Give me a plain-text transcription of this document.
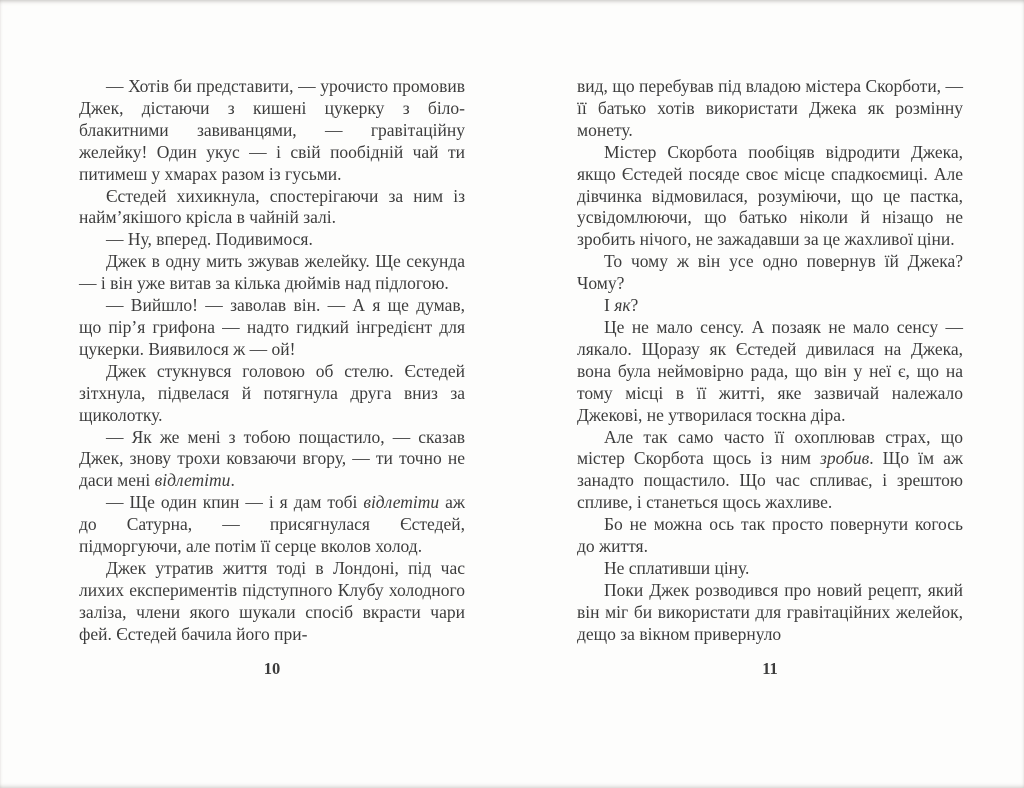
— Хотів би представити, — урочисто промовив Джек, дістаючи з кишені цукерку з біло-блакитними завиванцями, — гравітаційну желейку! Один укус — і свій пообідній чай ти питимеш у хмарах разом із гусьми.

Єстедей хихикнула, спостерігаючи за ним із найм’якішого крісла в чайній залі.

— Ну, вперед. Подивимося.

Джек в одну мить зжував желейку. Ще секунда — і він уже витав за кілька дюймів над підлогою.

— Вийшло! — заволав він. — А я ще думав, що пір’я грифона — надто гидкий інгредієнт для цукерки. Виявилося ж — ой!

Джек стукнувся головою об стелю. Єстедей зітхнула, підвелася й потягнула друга вниз за щиколотку.

— Як же мені з тобою пощастило, — сказав Джек, знову трохи ковзаючи вгору, — ти точно не даси мені відлетіти.

— Ще один кпин — і я дам тобі відлетіти аж до Сатурна, — присягнулася Єстедей, підморгуючи, але потім її серце вколов холод.

Джек утратив життя тоді в Лондоні, під час лихих експериментів підступного Клубу холодного заліза, члени якого шукали спосіб вкрасти чари фей. Єстедей бачила його при-

10

вид, що перебував під владою містера Скорботи, — її батько хотів використати Джека як розмінну монету.

Містер Скорбота пообіцяв відродити Джека, якщо Єстедей посяде своє місце спадкоємиці. Але дівчинка відмовилася, розуміючи, що це пастка, усвідомлюючи, що батько ніколи й нізащо не зробить нічого, не зажадавши за це жахливої ціни.

То чому ж він усе одно повернув їй Джека? Чому?

І як?

Це не мало сенсу. А позаяк не мало сенсу — лякало. Щоразу як Єстедей дивилася на Джека, вона була неймовірно рада, що він у неї є, що на тому місці в її житті, яке зазвичай належало Джекові, не утворилася тоскна діра.

Але так само часто її охоплював страх, що містер Скорбота щось із ним зробив. Що їм аж занадто пощастило. Що час спливає, і зрештою спливе, і станеться щось жахливе.

Бо не можна ось так просто повернути когось до життя.

Не сплативши ціну.

Поки Джек розводився про новий рецепт, який він міг би використати для гравітаційних желейок, дещо за вікном привернуло

11
